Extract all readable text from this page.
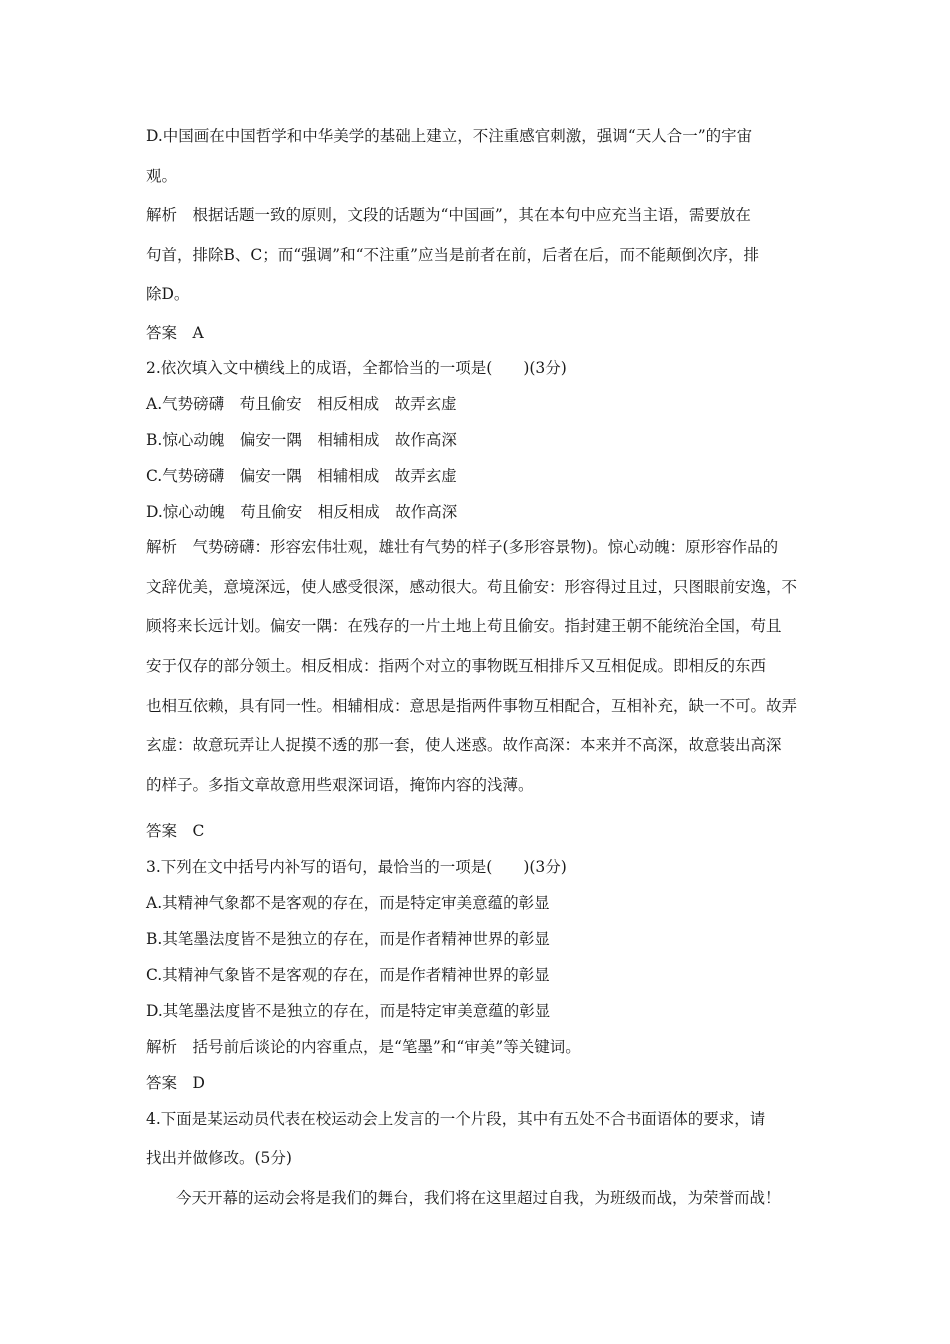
D.中国画在中国哲学和中华美学的基础上建立，不注重感官刺激，强调“天人合一”的宇宙
观。
解析　根据话题一致的原则，文段的话题为“中国画”，其在本句中应充当主语，需要放在
句首，排除B、C；而“强调”和“不注重”应当是前者在前，后者在后，而不能颠倒次序，排
除D。
答案　A
2.依次填入文中横线上的成语，全都恰当的一项是(　　)(3分)
A.气势磅礴　苟且偷安　相反相成　故弄玄虚
B.惊心动魄　偏安一隅　相辅相成　故作高深
C.气势磅礴　偏安一隅　相辅相成　故弄玄虚
D.惊心动魄　苟且偷安　相反相成　故作高深
解析　气势磅礴：形容宏伟壮观，雄壮有气势的样子(多形容景物)。惊心动魄：原形容作品的
文辞优美，意境深远，使人感受很深，感动很大。苟且偷安：形容得过且过，只图眼前安逸，不
顾将来长远计划。偏安一隅：在残存的一片土地上苟且偷安。指封建王朝不能统治全国，苟且
安于仅存的部分领土。相反相成：指两个对立的事物既互相排斥又互相促成。即相反的东西
也相互依赖，具有同一性。相辅相成：意思是指两件事物互相配合，互相补充，缺一不可。故弄
玄虚：故意玩弄让人捉摸不透的那一套，使人迷惑。故作高深：本来并不高深，故意装出高深
的样子。多指文章故意用些艰深词语，掩饰内容的浅薄。
答案　C
3.下列在文中括号内补写的语句，最恰当的一项是(　　)(3分)
A.其精神气象都不是客观的存在，而是特定审美意蕴的彰显
B.其笔墨法度皆不是独立的存在，而是作者精神世界的彰显
C.其精神气象皆不是客观的存在，而是作者精神世界的彰显
D.其笔墨法度皆不是独立的存在，而是特定审美意蕴的彰显
解析　括号前后谈论的内容重点，是“笔墨”和“审美”等关键词。
答案　D
4.下面是某运动员代表在校运动会上发言的一个片段，其中有五处不合书面语体的要求，请
找出并做修改。(5分)
今天开幕的运动会将是我们的舞台，我们将在这里超过自我，为班级而战，为荣誉而战！
